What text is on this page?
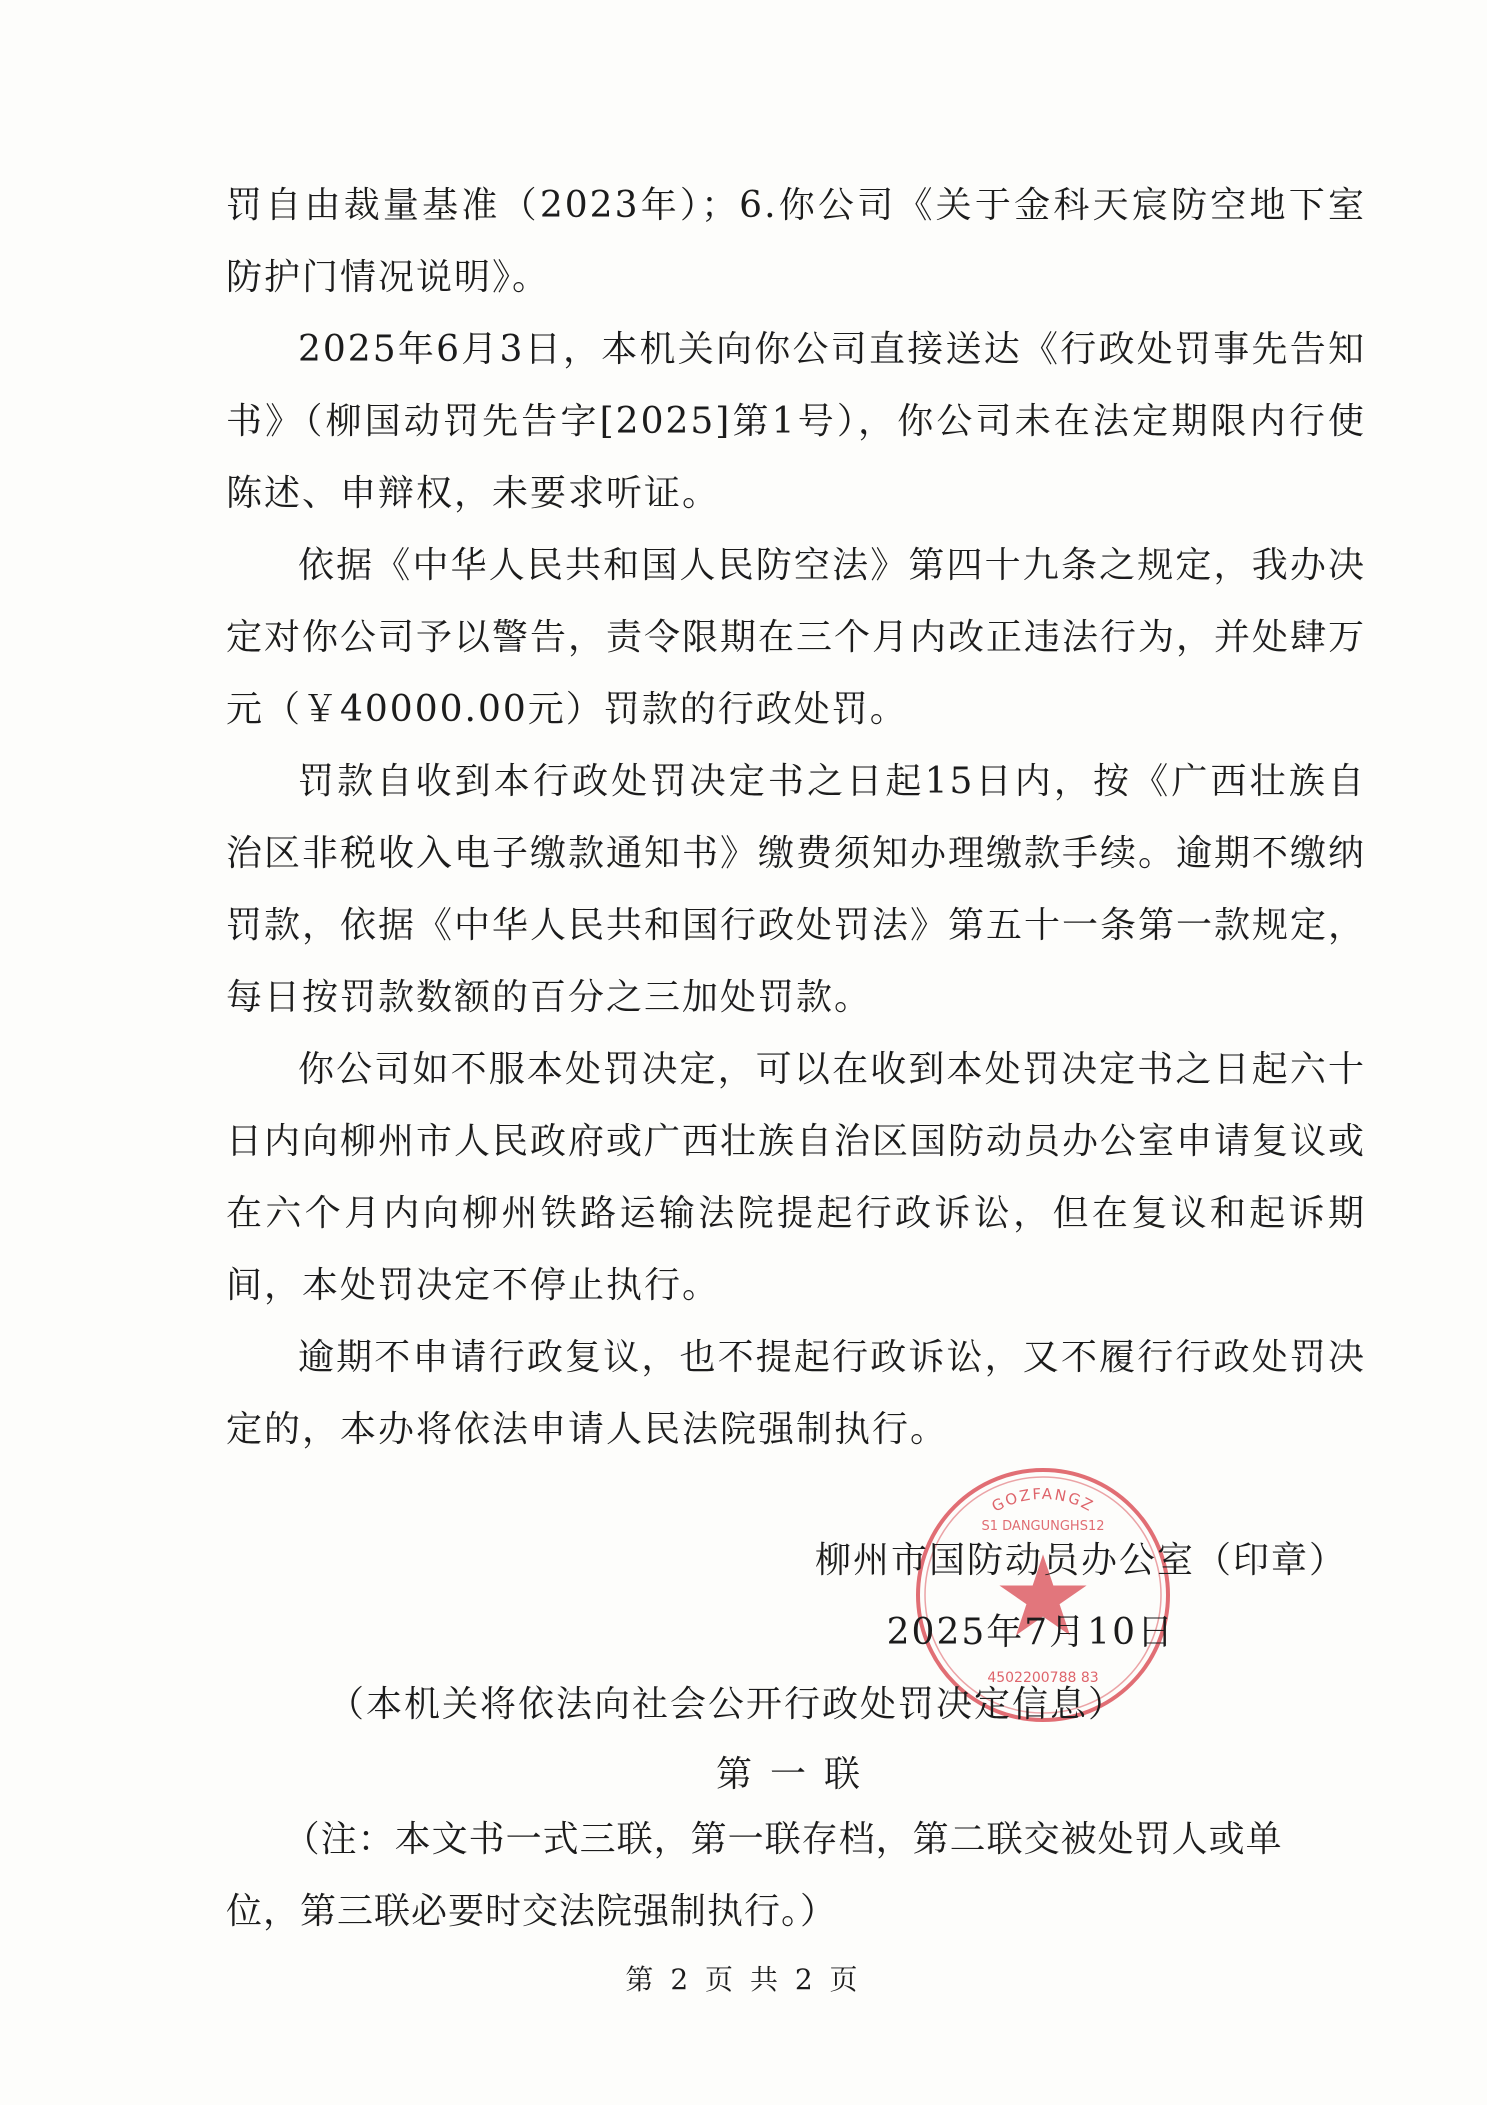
罚自由裁量基准（2023年）；6.你公司《关于金科天宸防空地下室防护门情况说明》。

2025年6月3日，本机关向你公司直接送达《行政处罚事先告知书》（柳国动罚先告字[2025]第1号），你公司未在法定期限内行使陈述、申辩权，未要求听证。

依据《中华人民共和国人民防空法》第四十九条之规定，我办决定对你公司予以警告，责令限期在三个月内改正违法行为，并处肆万元（￥40000.00元）罚款的行政处罚。

罚款自收到本行政处罚决定书之日起15日内，按《广西壮族自治区非税收入电子缴款通知书》缴费须知办理缴款手续。逾期不缴纳罚款，依据《中华人民共和国行政处罚法》第五十一条第一款规定，每日按罚款数额的百分之三加处罚款。

你公司如不服本处罚决定，可以在收到本处罚决定书之日起六十日内向柳州市人民政府或广西壮族自治区国防动员办公室申请复议或在六个月内向柳州铁路运输法院提起行政诉讼，但在复议和起诉期间，本处罚决定不停止执行。

逾期不申请行政复议，也不提起行政诉讼，又不履行行政处罚决定的，本办将依法申请人民法院强制执行。

GOZFANGZ
S1 DANGUNGHS12
4502200788 83
柳州市国防动员办公室（印章）
2025年7月10日
（本机关将依法向社会公开行政处罚决定信息）
第一联

（注：本文书一式三联，第一联存档，第二联交被处罚人或单位，第三联必要时交法院强制执行。）

第 2 页 共 2 页
